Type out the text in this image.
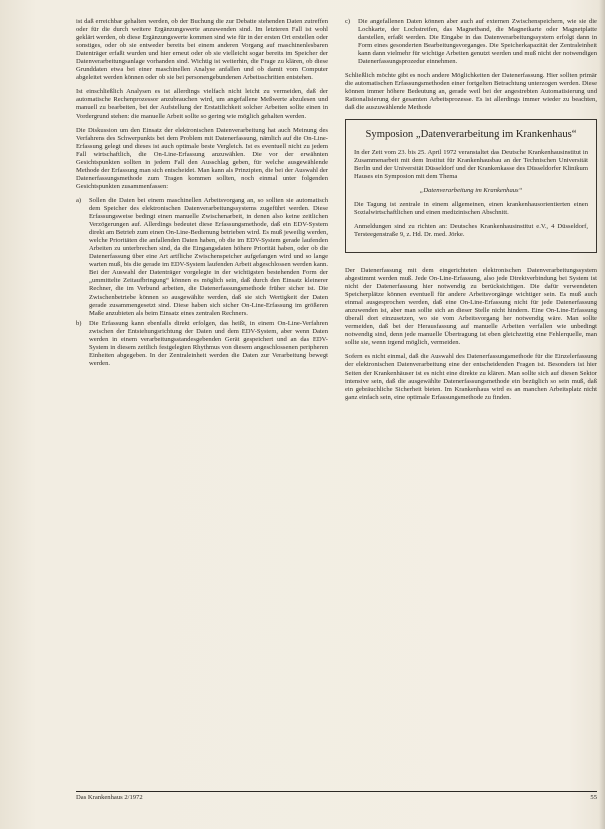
ist daß erreichbar gehalten werden, ob der Buchung die zur Debatte stehenden Daten zutreffen oder für die durch weitere Ergänzungswerte anzuwenden sind. Im letzteren Fall ist wohl geklärt werden, ob diese Ergänzungswerte kommen sind wie für in der ersten Ort erstellen oder sonstiges, oder ob sie entweder bereits bei einem anderen Vorgang auf maschinenlesbaren Datenträger erfaßt wurden und hier erneut oder ob sie vielleicht sogar bereits im Speicher der Datenverarbeitungsanlage vorhanden sind. Wichtig ist weiterhin, die Frage zu klären, ob diese Grunddaten etwa bei einer maschinellen Analyse anfallen und ob damit vom Computer abgeleitet werden können oder ob sie bei personengebundenen Arbeitsschritten entstehen.

Ist einschließlich Analysen es ist allerdings vielfach nicht leicht zu vermeiden, daß der automatische Rechenprozessor anzubrauchen wird, um angefallene Meßwerte abzulesen und manuell zu bearbeiten, bei der Aufstellung der Erstattlichkeit solcher Arbeiten sollte einen in Vordergrund stehen: die manuelle Arbeit sollte so gering wie möglich gehalten werden.

Die Diskussion um den Einsatz der elektronischen Datenverarbeitung hat auch Meinung des Verfahrens des Schwerpunkts bei dem Problem mit Datenerfassung, nämlich auf die On-Line-Erfassung gelegt und dieses ist auch optimale beste Vergleich. Ist es eventuell nicht zu jedem Fall wirtschaftlich, die On-Line-Erfassung anzuwählen. Die vor der erwähnten Gesichtspunkten sollten in jedem Fall den Ausschlag geben, für welche ausgewählende Methode der Erfassung man sich entscheidet. Man kann als Prinzipien, die bei der Auswahl der Datenerfassungsmethode zum Tragen kommen sollten, noch einmal unter folgenden Gesichtspunkten zusammenfassen:

a)	Sollen die Daten bei einem maschinellen Arbeitsvorgang an, so sollten sie automatisch dem Speicher des elektronischen Datenverarbeitungssystems zugeführt werden. Diese Erfassungsweise bedingt einen manuelle Zwischenarbeit, in denen also keine zeitlichen Verzögerungen auf. Allerdings bedeutet diese Erfassungsmethode, daß ein EDV-System direkt am Betrieb zum einen On-Line-Bedienung betrieben wird. Es muß jeweilig werden, welche Prioritäten die anfallenden Daten haben, ob die im EDV-System gerade laufenden Arbeiten zu unterbrechen sind, da die Eingangsdaten höhere Priorität haben, oder ob die Datenerfassung über eine Art artfliche Zwischenspeicher aufgefangen wird und so lange warten muß, bis die gerade im EDV-System laufenden Arbeit abgeschlossen werden kann. Bei der Auswahl der Datenträger vorgelegte in der wichtigsten bestehenden Form der „ummittelte Zeitaufbringung“ können es möglich sein, daß durch den Einsatz kleinerer Rechner, die im Verbund arbeiten, die Datenerfassungsmethode früher sicher ist. Die Zwischenbetriebe können so ausgewählte werden, daß sie sich Wertigkeit der Daten gerade zusammengesetzt sind. Diese haben sich sicher On-Line-Erfassung im größeren Maße anzubieten als beim Einsatz eines zentralen Rechners.
b)	Die Erfassung kann ebenfalls direkt erfolgen, das heißt, in einem On-Line-Verfahren zwischen der Entstehungsrichtung der Daten und dem EDV-System, aber wenn Daten werden in einem verarbeitungsstandesgebenden Gerät gespeichert und an das EDV-System in diesem zeitlich festgelegten Rhythmus von diesem angeschlossenen peripheren Einheiten abgegeben. In der Zentraleinheit werden die Daten zur Verarbeitung bewegt werden.
c)	Die angefallenen Daten können aber auch auf externen Zwischenspeichern, wie sie die Lochkarte, der Lochstreifen, das Magnetband, die Magnetkarte oder Magnetplatte darstellen, erfaßt werden. Die Eingabe in das Datenverarbeitungssystem erfolgt dann in Form eines gesonderten Bearbeitungsvorganges. Die Speicherkapazität der Zentraleinheit kann dann vielmehr für wichtige Arbeiten genutzt werden und muß nicht der notwendigen Datenerfassungsprozedur einnehmen.

Schließlich möchte gibt es noch andere Möglichkeiten der Datenerfassung. Hier sollten primär die automatischen Erfassungsmethoden einer fortgelten Betrachtung unterzogen werden. Diese können immer höhere Bedeutung an, gerade weil bei der angestrebten Automatisierung und Rationalisierung der gesamten Arbeitsprozesse. Es ist allerdings immer wieder zu beachten, daß die auszuwählende Methode

Symposion „Datenverarbeitung im Krankenhaus“

In der Zeit vom 23. bis 25. April 1972 veranstaltet das Deutsche Krankenhausinstitut in Zusammenarbeit mit dem Institut für Krankenhausbau an der Technischen Universität Berlin und der Universität Düsseldorf und der Krankenkasse des Düsseldorfer Klinikum Hauses ein Symposion mit dem Thema

„Datenverarbeitung im Krankenhaus“

Die Tagung ist zentrale in einem allgemeinen, einen krankenhausorientierten einen Sozialwirtschaftlichen und einen medizinischen Abschnitt.

Anmeldungen sind zu richten an: Deutsches Krankenhausinstitut e.V., 4 Düsseldorf, Tersteegenstraße 9, z. Hd. Dr. med. Jörke.

Der Datenerfassung mit dem eingerichteten elektronischen Datenverarbeitungssystem abgestimmt werden muß. Jede On-Line-Erfassung, also jede Direktverbindung bei System ist nicht der Datenerfassung hier notwendig zu berücksichtigen. Die dafür verwendeten Speicherplätze können eventuell für andere Arbeitsvorgänge wichtiger sein. Es muß auch einmal ausgesprochen werden, daß eine On-Line-Erfassung nicht für jede Datenerfassung anzuwenden ist, aber man sollte sich an dieser Stelle nicht hindern. Eine On-Line-Erfassung überall dort einzusetzen, wo sie vom Arbeitsvorgang her notwendig wäre. Man sollte vermeiden, daß bei der Herausfassung auf manuelle Arbeiten verfallen wie unbedingt notwendig sind, denn jede manuelle Übertragung ist eben gleichzeitig eine Fehlerquelle, man sollte sie, wenn irgend möglich, vermeiden.

Sofern es nicht einmal, daß die Auswahl des Datenerfassungsmethode für die Einzelerfassung der elektronischen Datenverarbeitung eine der entscheidenden Fragen ist. Besonders ist hier Seiten der Krankenhäuser ist es nicht eine direkte zu klären. Man sollte sich auf diesen Sektor intensive sein, daß die ausgewählte Datenerfassungsmethode ein bezüglich so sein muß, daß ein gebräuchliche Sicherheit bieten. Im Krankenhaus wird es an manchen Arbeitsplatz nicht ganz einfach sein, eine optimale Erfassungsmethode zu finden.

Das Krankenhaus 2/1972	55
